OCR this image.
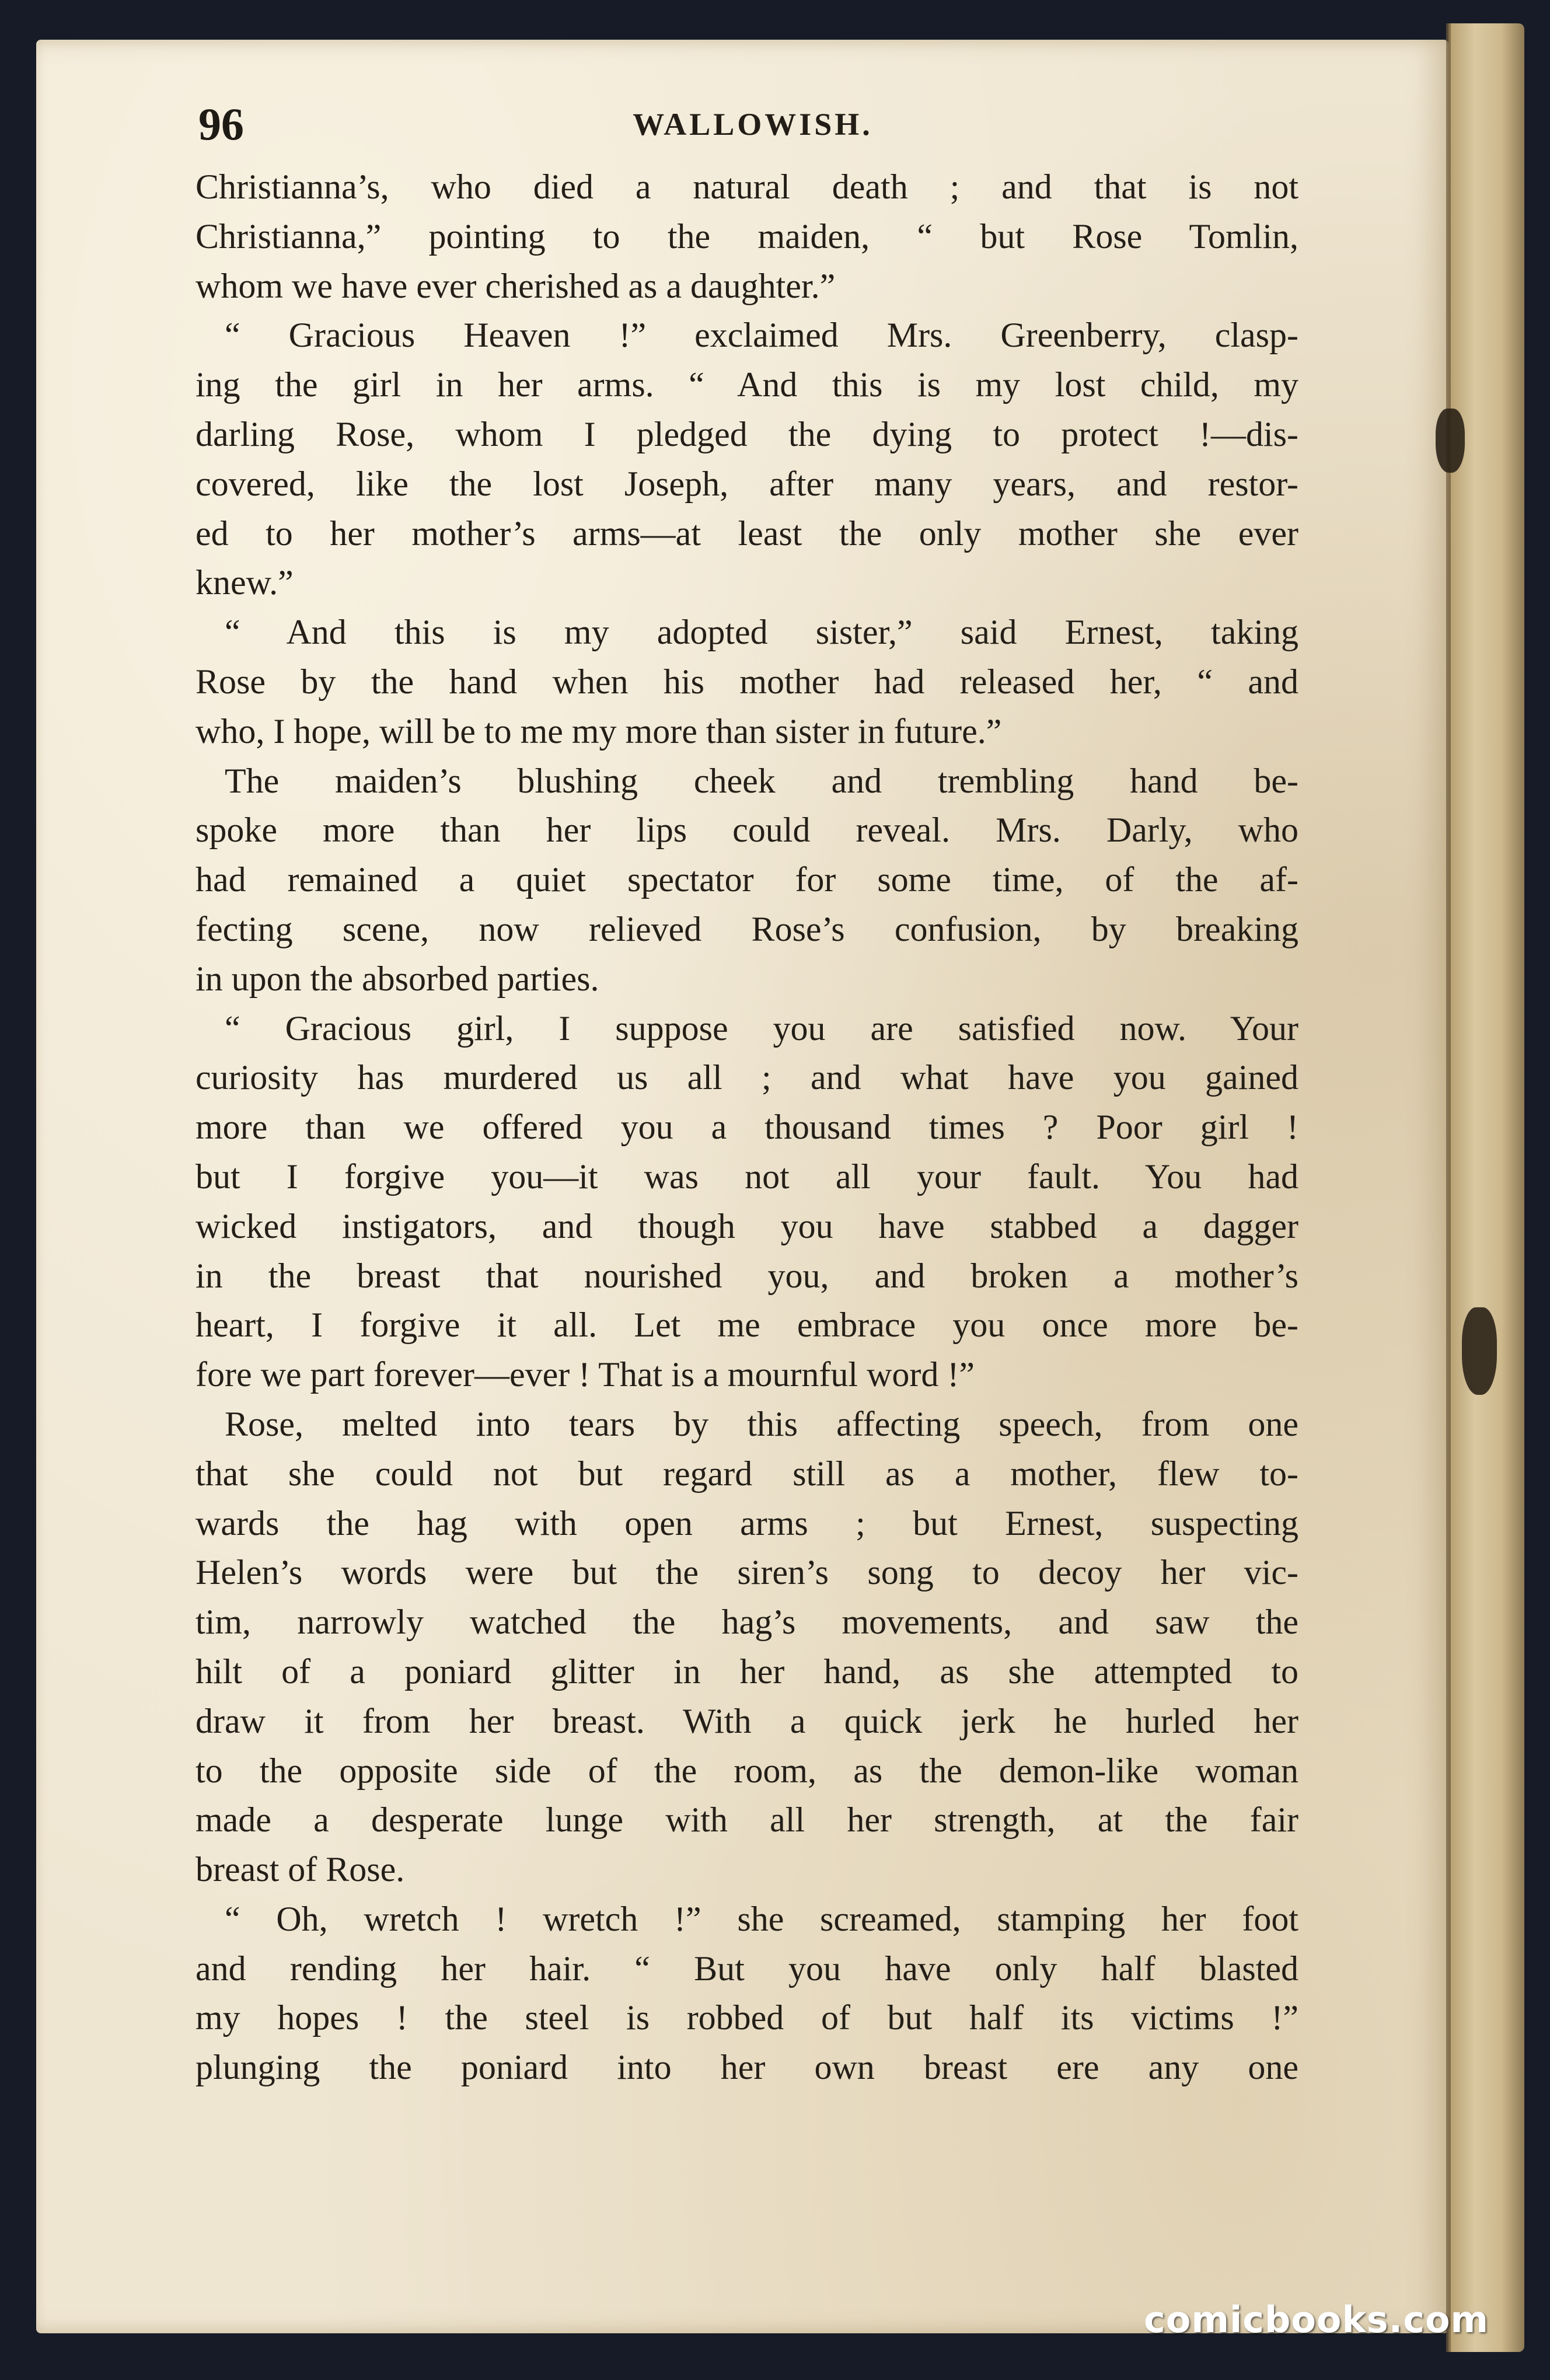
96	WALLOWISH.
Christianna’s, who died a natural death ; and that is not
Christianna,” pointing to the maiden, “ but Rose Tomlin,
whom we have ever cherished as a daughter.”
“ Gracious Heaven !” exclaimed Mrs. Greenberry, clasp-
ing the girl in her arms. “ And this is my lost child, my
darling Rose, whom I pledged the dying to protect !—dis-
covered, like the lost Joseph, after many years, and restor-
ed to her mother’s arms—at least the only mother she ever
knew.”
“ And this is my adopted sister,” said Ernest, taking
Rose by the hand when his mother had released her, “ and
who, I hope, will be to me my more than sister in future.”
The maiden’s blushing cheek and trembling hand be-
spoke more than her lips could reveal. Mrs. Darly, who
had remained a quiet spectator for some time, of the af-
fecting scene, now relieved Rose’s confusion, by breaking
in upon the absorbed parties.
“ Gracious girl, I suppose you are satisfied now. Your
curiosity has murdered us all ; and what have you gained
more than we offered you a thousand times ? Poor girl !
but I forgive you—it was not all your fault. You had
wicked instigators, and though you have stabbed a dagger
in the breast that nourished you, and broken a mother’s
heart, I forgive it all. Let me embrace you once more be-
fore we part forever—ever ! That is a mournful word !”
Rose, melted into tears by this affecting speech, from one
that she could not but regard still as a mother, flew to-
wards the hag with open arms ; but Ernest, suspecting
Helen’s words were but the siren’s song to decoy her vic-
tim, narrowly watched the hag’s movements, and saw the
hilt of a poniard glitter in her hand, as she attempted to
draw it from her breast. With a quick jerk he hurled her
to the opposite side of the room, as the demon-like woman
made a desperate lunge with all her strength, at the fair
breast of Rose.
“ Oh, wretch ! wretch !” she screamed, stamping her foot
and rending her hair. “ But you have only half blasted
my hopes ! the steel is robbed of but half its victims !”
plunging the poniard into her own breast ere any one
comicbooks.com
